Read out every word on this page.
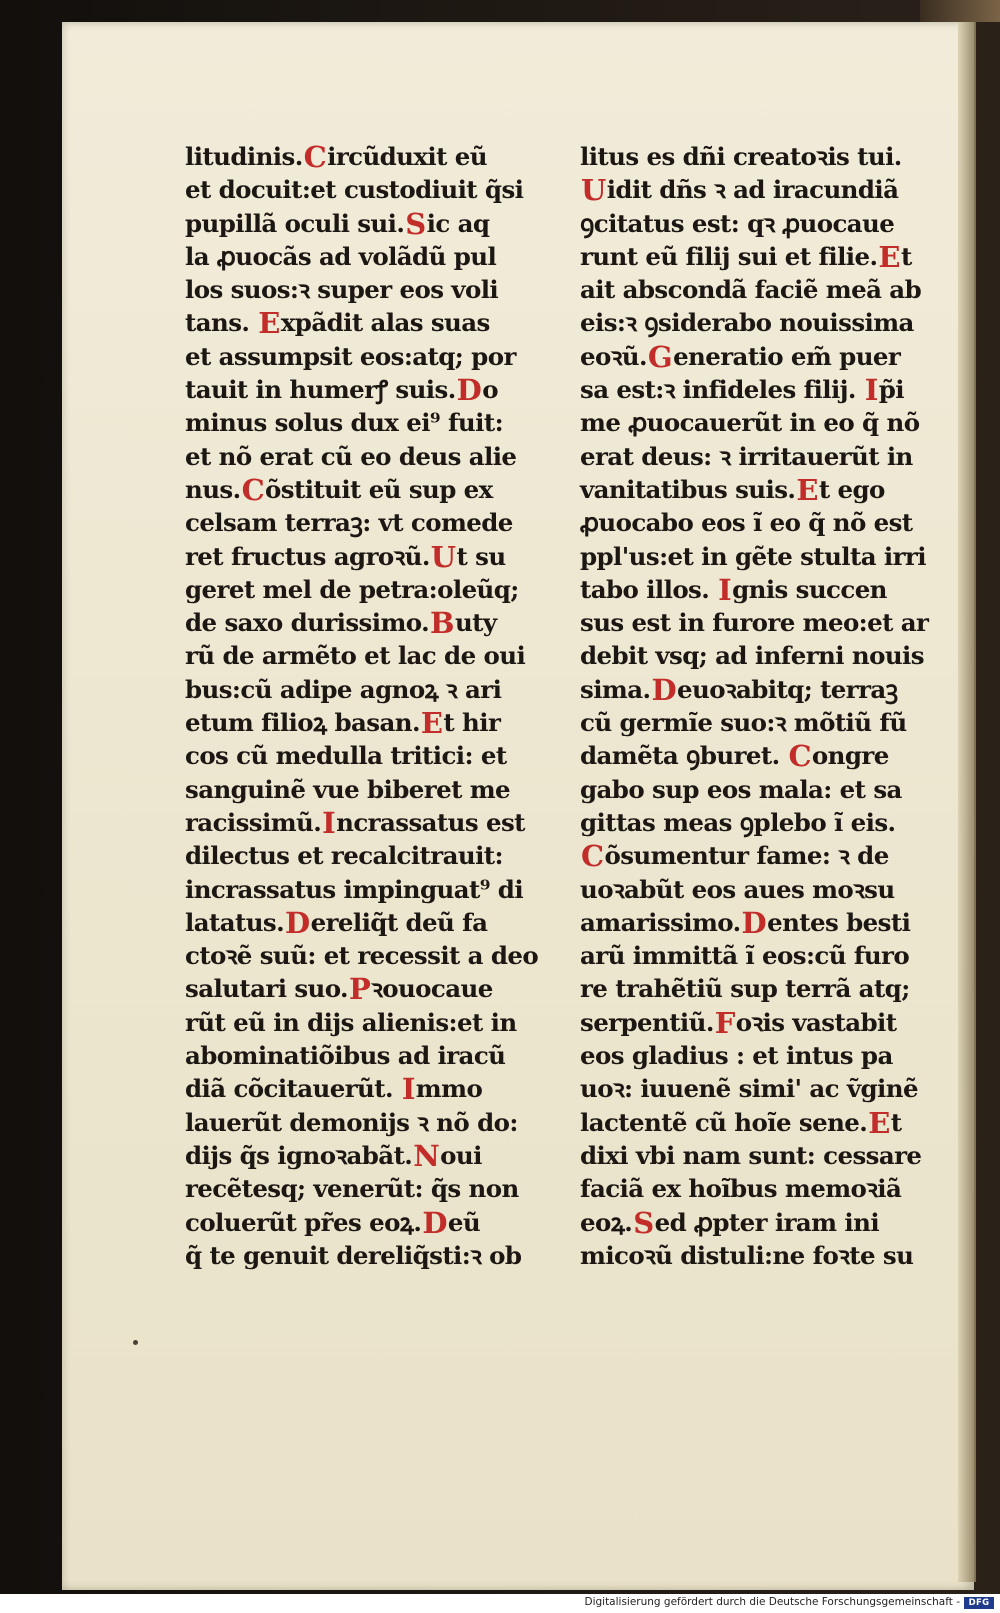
litudinis. C ircũduxit eũ
et docuit:et custodiuit q̃si
pupillã oculi sui. S ic aq
la ꝓuocãs ad volãdũ pul
los suos:ꝛ super eos voli
tans. E xpãdit alas suas
et assumpsit eos:atq; por
tauit in humerꝭ suis. D o
minus solus dux ei⁹ fuit:
et nõ erat cũ eo deus alie
nus. C õstituit eũ sup ex
celsam terraꝫ: vt comede
ret fructus agroꝛũ. U t su
geret mel de petra:oleũq;
de saxo durissimo. B uty
rũ de armẽto et lac de oui
bus:cũ adipe agnoꝝ ꝛ ari
etum filioꝝ basan. E t hir
cos cũ medulla tritici: et
sanguinẽ vue biberet me
racissimũ. I ncrassatus est
dilectus et recalcitrauit:
incrassatus impinguat⁹ di
latatus. D ereliq̃t deũ fa
ctoꝛẽ suũ: et recessit a deo
salutari suo. P ꝛouocaue
rũt eũ in dijs alienis:et in
abominatiõibus ad iracũ
diã cõcitauerũt. I mmo
lauerũt demonijs ꝛ nõ do:
dijs q̃s ignoꝛabãt. N oui
recẽtesq; venerũt: q̃s non
coluerũt pr̃es eoꝝ. D eũ
q̃ te genuit dereliq̃sti:ꝛ ob
litus es dñi creatoꝛis tui.
U idit dñs ꝛ ad iracundiã
ꝯcitatus est: qꝛ ꝓuocaue
runt eũ filij sui et filie. E t
ait abscondã faciẽ meã ab
eis:ꝛ ꝯsiderabo nouissima
eoꝛũ. G eneratio em̃ puer
sa est:ꝛ infideles filij. I p̃i
me ꝓuocauerũt in eo q̃ nõ
erat deus: ꝛ irritauerũt in
vanitatibus suis. E t ego
ꝓuocabo eos ĩ eo q̃ nõ est
ppl'us:et in gẽte stulta irri
tabo illos. I gnis succen
sus est in furore meo:et ar
debit vsq; ad inferni nouis
sima. D euoꝛabitq; terraꝫ
cũ germĩe suo:ꝛ mõtiũ fũ
damẽta ꝯburet. C ongre
gabo sup eos mala: et sa
gittas meas ꝯplebo ĩ eis.
C õsumentur fame: ꝛ de
uoꝛabũt eos aues moꝛsu
amarissimo. D entes besti
arũ immittã ĩ eos:cũ furo
re trahẽtiũ sup terrã atq;
serpentiũ. F oꝛis vastabit
eos gladius : et intus pa
uoꝛ: iuuenẽ simi' ac ṽginẽ
lactentẽ cũ hoĩe sene. E t
dixi vbi nam sunt: cessare
faciã ex hoĩbus memoꝛiã
eoꝝ. S ed ꝓpter iram ini
micoꝛũ distuli:ne foꝛte su
Digitalisierung gefördert durch die Deutsche Forschungsgemeinschaft -	DFG
